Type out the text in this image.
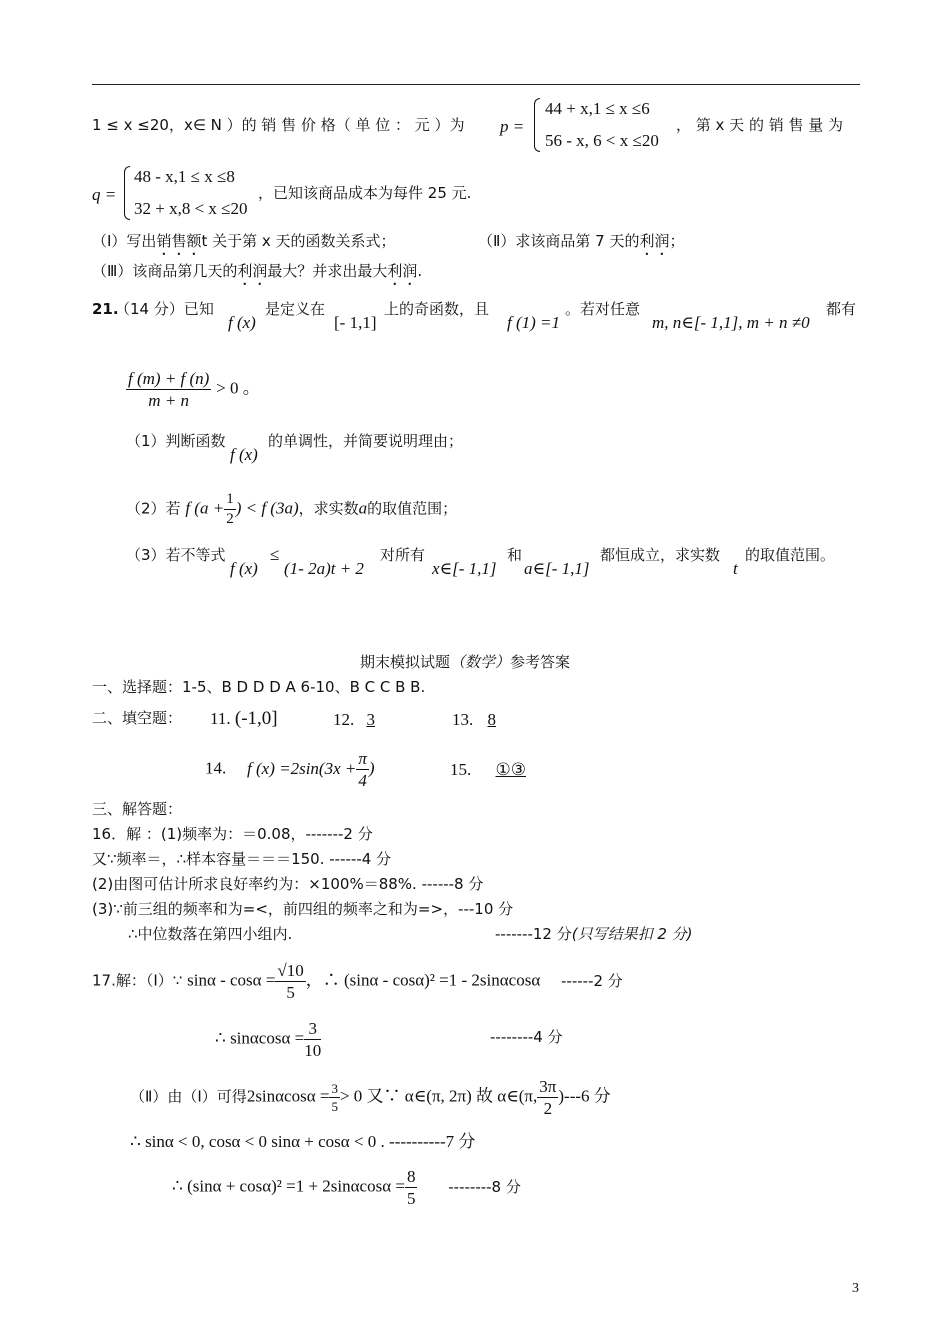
1 ≤ x ≤20，x∈ N ）的 销 售 价 格（ 单 位 ： 元 ）为 p =
44 + x,1 ≤ x ≤6
56 - x, 6 < x ≤20
， 第 x 天 的 销 售 量 为
q =
48 - x,1 ≤ x ≤8
32 + x,8 < x ≤20
，已知该商品成本为每件 25 元.
（Ⅰ）写出销售额t 关于第 x 天的函数关系式；	（Ⅱ）求该商品第 7 天的利润；
（Ⅲ）该商品第几天的利润最大？并求出最大利润.
21.
（14 分）已知
f (x)
是定义在
[- 1,1]
上的奇函数，且
f (1) =1
。若对任意
m, n∈[- 1,1], m + n ≠0
都有
$\frac{f (m) + f (n)}{m + n} > 0$ 。
（1）判断函数
f (x)
的单调性，并简要说明理由；
（2）若 f ($a + \frac{1}{2}$ ) < f (3a)，求实数a的取值范围；
（3）若不等式
f (x)
≤
(1- 2a)t + 2
对所有
x∈[- 1,1]
和
a∈[- 1,1]
都恒成立，求实数
t
的取值范围。
期末模拟试题（数学）参考答案
一、选择题：1-5、B D D D A 6-10、B C C B B.
二、填空题： 11. (-1,0]	12. 3	13. 8
14. f $(x) =2\sin(3x + \frac{\pi}{4}$ )	15. ①③
三、解答题：
16．解 ：(1)频率为：＝0.08，-------2 分
又∵频率＝，∴样本容量＝＝＝150. ------4 分
(2)由图可估计所求良好率约为：×100%＝88%. ------8 分
(3)∵前三组的频率和为=<，前四组的频率之和为=>，---10 分
∴中位数落在第四小组内.	-------12 分(只写结果扣 2 分)
17.解：（Ⅰ）∵ $\sin\alpha - \cos\alpha = \frac{√10}{5}$ ，∴ (sinα - cosα)² =1 - 2sinαcosα ------2 分
∴ $\sin\alpha\cos\alpha = \frac{3}{10}$	--------4 分
（Ⅱ）由（Ⅰ）可得$2\sin\alpha\cos\alpha = \frac{3}{5} > 0$ 又∵ α∈(π, 2π) 故 α∈(π, $\frac{3\pi}{2} )---6$ 分
∴ sinα < 0, cosα < 0 sinα + cosα < 0 . ----------7 分
∴ $(\sin\alpha + \cos\alpha)^2 =1 + 2\sin\alpha\cos\alpha = \frac{8}{5} --------8$ 分
3
